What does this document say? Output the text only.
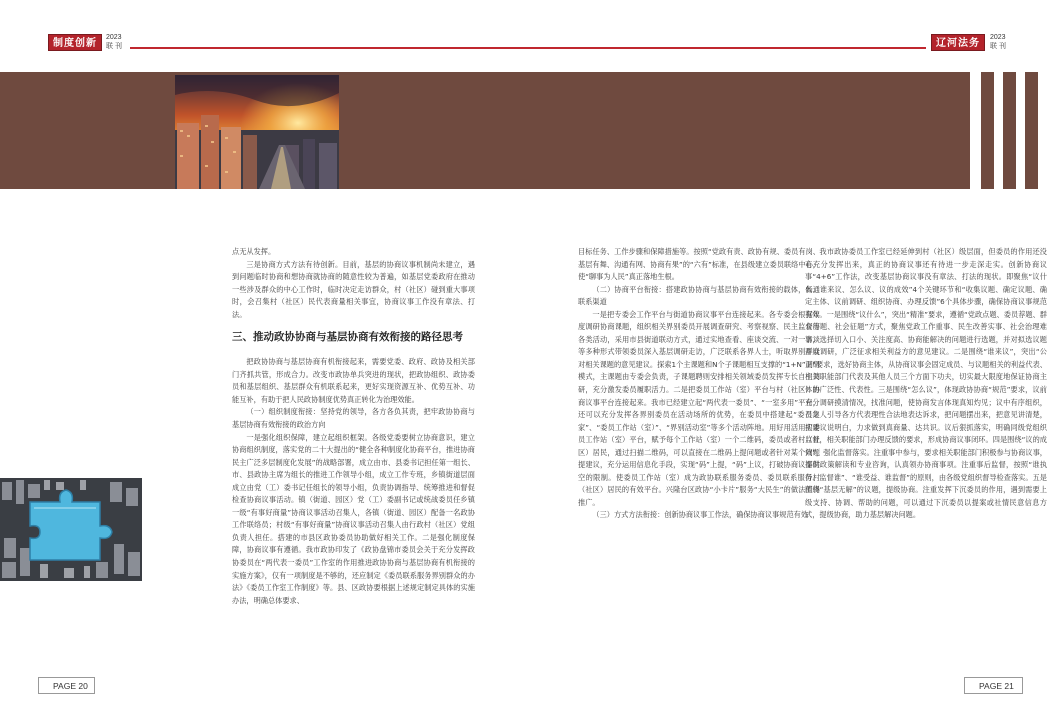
制度创新
2023
联 刊

点无从发挥。

三是协商方式方法有待创新。目前，基层的协商议事机制尚未建立，遇到问题临时协商和想协商就协商的随意性较为普遍，如基层党委政府在推动一些涉及群众的中心工作时，临时决定走访群众，村（社区）碰到重大事项时，会召集村（社区）民代表商量相关事宜，协商议事工作没有章法、打法。

三、推动政协协商与基层协商有效衔接的路径思考

把政协协商与基层协商有机衔接起来，需要党委、政府、政协及相关部门齐抓共管，形成合力。改变市政协单兵突进的现状，把政协组织、政协委员和基层组织、基层群众有机联系起来，更好实现资源互补、优势互补、功能互补，有助于把人民政协制度优势真正转化为治理效能。

（一）组织制度衔接：坚持党的领导，各方各负其责，把牢政协协商与基层协商有效衔接的政治方向

一是强化组织保障，建立起组织框架。各级党委要树立协商意识，建立协商组织制度，落实党的二十大提出的“健全各种制度化协商平台，推进协商民主广泛多层制度化发展”的战略部署，成立由市、县委书记担任第一组长、市、县政协主席为组长的推进工作领导小组，成立工作专班，乡镇街道层面成立由党（工）委书记任组长的领导小组，负责协调指导、统筹推进和督促检查协商议事活动。镇（街道、园区）党（工）委副书记或统战委员任乡镇一级“有事好商量”协商议事活动召集人，各镇（街道、园区）配备一名政协工作联络员；村级“有事好商量”协商议事活动召集人由行政村（社区）党组负责人担任。搭建的市县区政协委员协助做好相关工作。二是强化制度保障，协商议事有遵循。我市政协印发了《政协盘锦市委员会关于充分发挥政协委员在“两代表一委员”工作室的作用推进政协协商与基层协商有机衔接的实施方案》，仅有一项制度是不够的，还应制定《委员联系服务界别群众的办法》《委员工作室工作制度》等。县、区政协要根据上述规定制定具体的实施办法，明确总体要求、

PAGE 20
辽河法务
2023
联 刊

目标任务、工作步骤和保障措施等。按照“党政有责、政协有规、委员有岗、基层有舞、沟通有网、协商有果”的“六有”标准，在县级建立委员联络中心，使“聊事为人民”真正落地生根。

（二）协商平台衔接：搭建政协协商与基层协商有效衔接的载体，畅通联系渠道

一是把专委会工作平台与街道协商议事平台连接起来。各专委会根据年度调研协商课题，组织相关界别委员开展调查研究、考察视察、民主监督等各类活动，采用市县街道联动方式，通过实地查看、座谈交流、一对一访谈等多种形式带领委员深入基层调研走访，广泛联系各界人士，听取界别群众对相关课题的意见建议。探索1个主课题和N个子课题相互支撑的“1+N”调研模式，主课题由专委会负责，子课题聘则安排相关领域委员发挥专长自主调研，充分激发委员履职活力。二是把委员工作站（室）平台与村（社区）协商议事平台连接起来。我市已经建立起“两代表一委员”、“一室多用”平台，还可以充分发挥各界别委员在活动场所的优势，在委员中搭建起“委员之家”、“委员工作站（室）”、“界别活动室”等多个活动阵地。用好用活用实委员工作站（室）平台，赋予每个工作站（室）一个二维码，委员或者村（社区）居民，通过扫描二维码，可以直接在二维码上提问题或者针对某个问题提建议，充分运用信息化手段，实现“码”上提，“码”上议，打破协商议事时空的限制。使委员工作站（室）成为政协联系服务委员、委员联系服务村（社区）居民的有效平台。兴隆台区政协“小卡片”服务“大民生”的做法值得推广。

（三）方式方法衔接：创新协商议事工作法，确保协商议事规范有效

我市政协委员工作室已经延伸到村（社区）级层面，但委员的作用还没有充分发挥出来，真正的协商议事还有待进一步走深走实。创新协商议事“4+6”工作法，改变基层协商议事没有章法、打法的现状。即聚焦“议什么、谁来议、怎么议、议的成效”4个关键环节和“收集议题、确定议题、确定主体、议前调研、组织协商、办理反馈”6个具体步骤，确保协商议事规范有效。一是围绕“议什么”，突出“精准”要求，遵循“党政点题、委员荐题、群众出题、社会征题”方式，聚焦党政工作重事、民生改善实事、社会治理难事，选择切入口小、关注度高、协商能解决的问题进行选题，并对拟选议题开展调研，广泛征求相关利益方的意见建议。二是围绕“谁来议”，突出“公正”要求，选好协商主体，从协商议事会固定成员、与议题相关的利益代表、相关职能部门代表及其他人员三个方面下功夫，切实最大限度地保证协商主体的广泛性、代表性。三是围绕“怎么议”，体现政协协商“规范”要求，议前充分调研摸清情况，找准问题，使协商发言体现真知灼见；议中有序组织，召集人引导各方代表理性合法地表达诉求，把问题摆出来，把意见讲清楚，把建议说明白，力求做到真商量、达共识。议后狠抓落实，明确同级党组织监督，相关职能部门办理反馈的要求，形成协商议事闭环。四是围绕“议的成效”，强化监督落实。注重事中参与，要求相关职能部门积极参与协商议事，提供政策解读和专业咨询，认真领办协商事项。注重事后监督，按照“谁执行、监督谁”、“谁受益、谁监督”的原则，由各级党组织督导检查落实。五是围绕“基层无解”的议题，提级协商。注重发挥下沉委员的作用，遇到需要上级支持、协调、帮助的问题，可以通过下沉委员以提案或社情民意信息方式，提级协商，助力基层解决问题。

PAGE 21
